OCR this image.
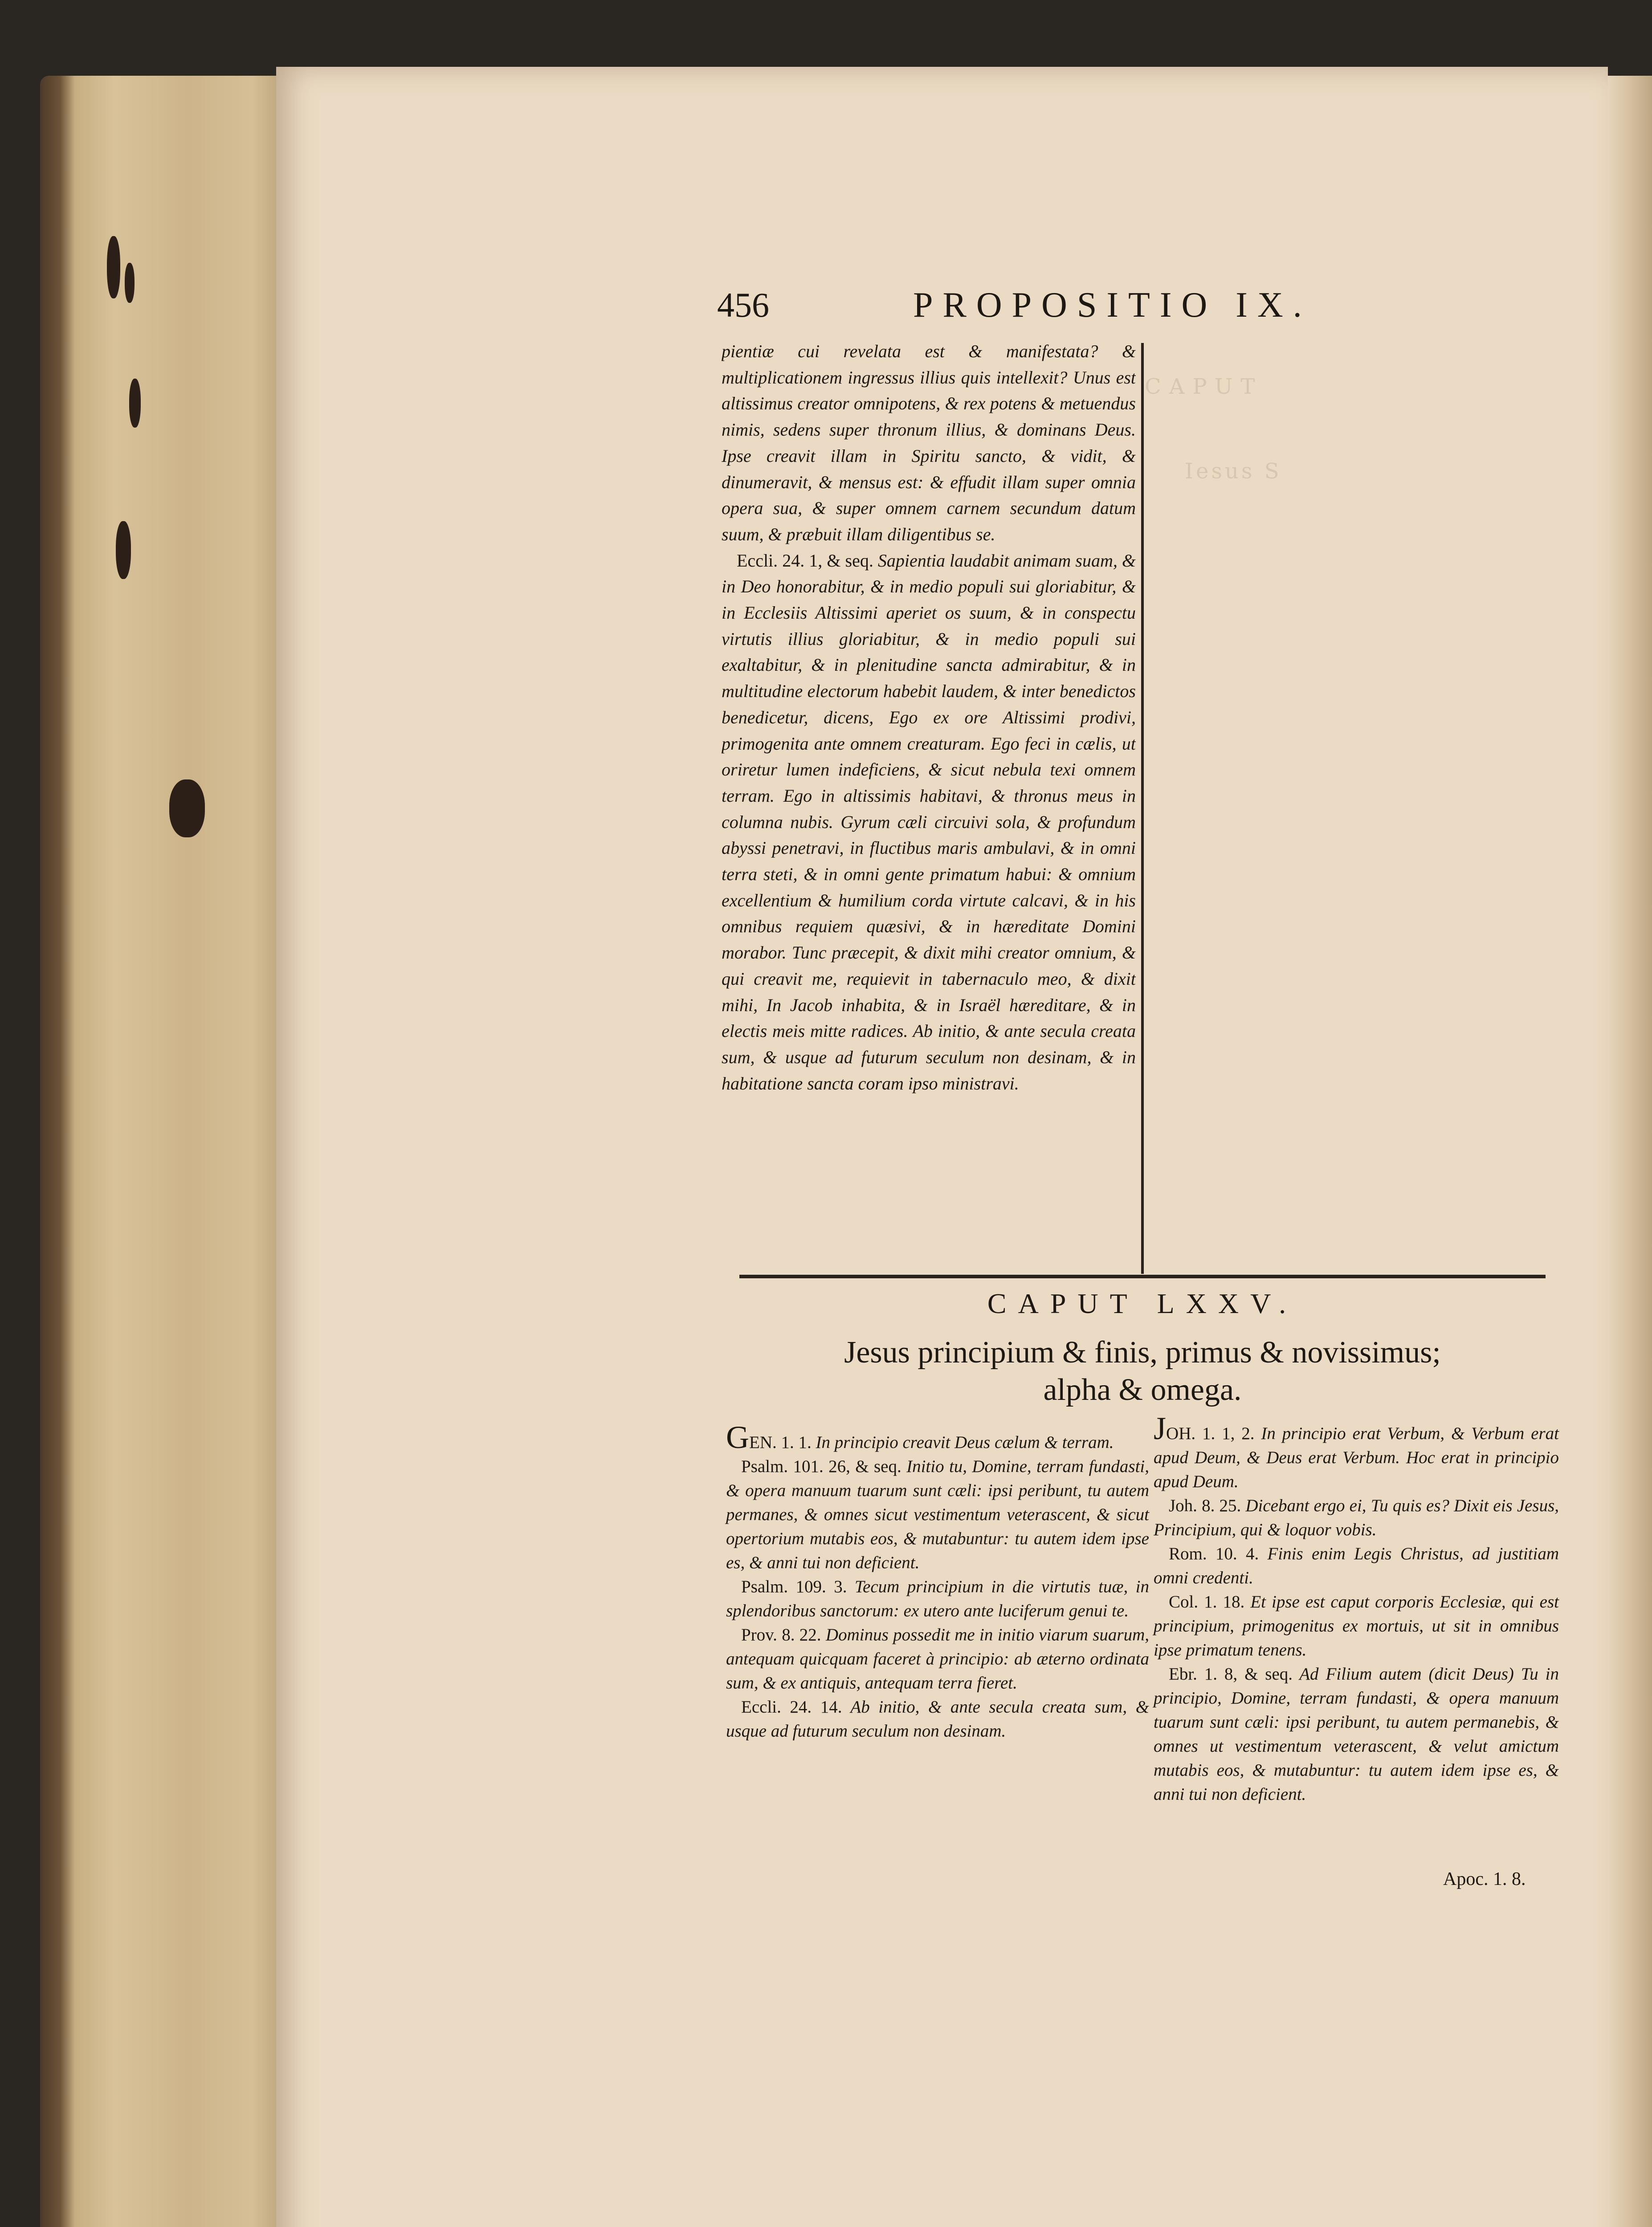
CAPUT
Iesus S
456	PROPOSITIO IX.

pientiæ cui revelata est & manifestata? & multiplicationem ingressus illius quis intellexit? Unus est altissimus creator omnipotens, & rex potens & metuendus nimis, sedens super thronum illius, & dominans Deus. Ipse creavit illam in Spiritu sancto, & vidit, & dinumeravit, & mensus est: & effudit illam super omnia opera sua, & super omnem carnem secundum datum suum, & præbuit illam diligentibus se.

Eccli. 24. 1, & seq. Sapientia laudabit animam suam, & in Deo honorabitur, & in medio populi sui gloriabitur, & in Ecclesiis Altissimi aperiet os suum, & in conspectu virtutis illius gloriabitur, & in medio populi sui exaltabitur, & in plenitudine sancta admirabitur, & in multitudine electorum habebit laudem, & inter benedictos benedicetur, dicens, Ego ex ore Altissimi prodivi, primogenita ante omnem creaturam. Ego feci in cælis, ut oriretur lumen indeficiens, & sicut nebula texi omnem terram. Ego in altissimis habitavi, & thronus meus in columna nubis. Gyrum cæli circuivi sola, & profundum abyssi penetravi, in fluctibus maris ambulavi, & in omni terra steti, & in omni gente primatum habui: & omnium excellentium & humilium corda virtute calcavi, & in his omnibus requiem quæsivi, & in hæreditate Domini morabor. Tunc præcepit, & dixit mihi creator omnium, & qui creavit me, requievit in tabernaculo meo, & dixit mihi, In Jacob inhabita, & in Israël hæreditare, & in electis meis mitte radices. Ab initio, & ante secula creata sum, & usque ad futurum seculum non desinam, & in habitatione sancta coram ipso ministravi.

CAPUT LXXV.
Jesus principium & finis, primus & novissimus;
alpha & omega.

GEN. 1. 1. In principio creavit Deus cælum & terram.

Psalm. 101. 26, & seq. Initio tu, Domine, terram fundasti, & opera manuum tuarum sunt cæli: ipsi peribunt, tu autem permanes, & omnes sicut vestimentum veterascent, & sicut opertorium mutabis eos, & mutabuntur: tu autem idem ipse es, & anni tui non deficient.

Psalm. 109. 3. Tecum principium in die virtutis tuæ, in splendoribus sanctorum: ex utero ante luciferum genui te.

Prov. 8. 22. Dominus possedit me in initio viarum suarum, antequam quicquam faceret à principio: ab æterno ordinata sum, & ex antiquis, antequam terra fieret.

Eccli. 24. 14. Ab initio, & ante secula creata sum, & usque ad futurum seculum non desinam.

JOH. 1. 1, 2. In principio erat Verbum, & Verbum erat apud Deum, & Deus erat Verbum. Hoc erat in principio apud Deum.

Joh. 8. 25. Dicebant ergo ei, Tu quis es? Dixit eis Jesus, Principium, qui & loquor vobis.

Rom. 10. 4. Finis enim Legis Christus, ad justitiam omni credenti.

Col. 1. 18. Et ipse est caput corporis Ecclesiæ, qui est principium, primogenitus ex mortuis, ut sit in omnibus ipse primatum tenens.

Ebr. 1. 8, & seq. Ad Filium autem (dicit Deus) Tu in principio, Domine, terram fundasti, & opera manuum tuarum sunt cæli: ipsi peribunt, tu autem permanebis, & omnes ut vestimentum veterascent, & velut amictum mutabis eos, & mutabuntur: tu autem idem ipse es, & anni tui non deficient.

Apoc. 1. 8.
